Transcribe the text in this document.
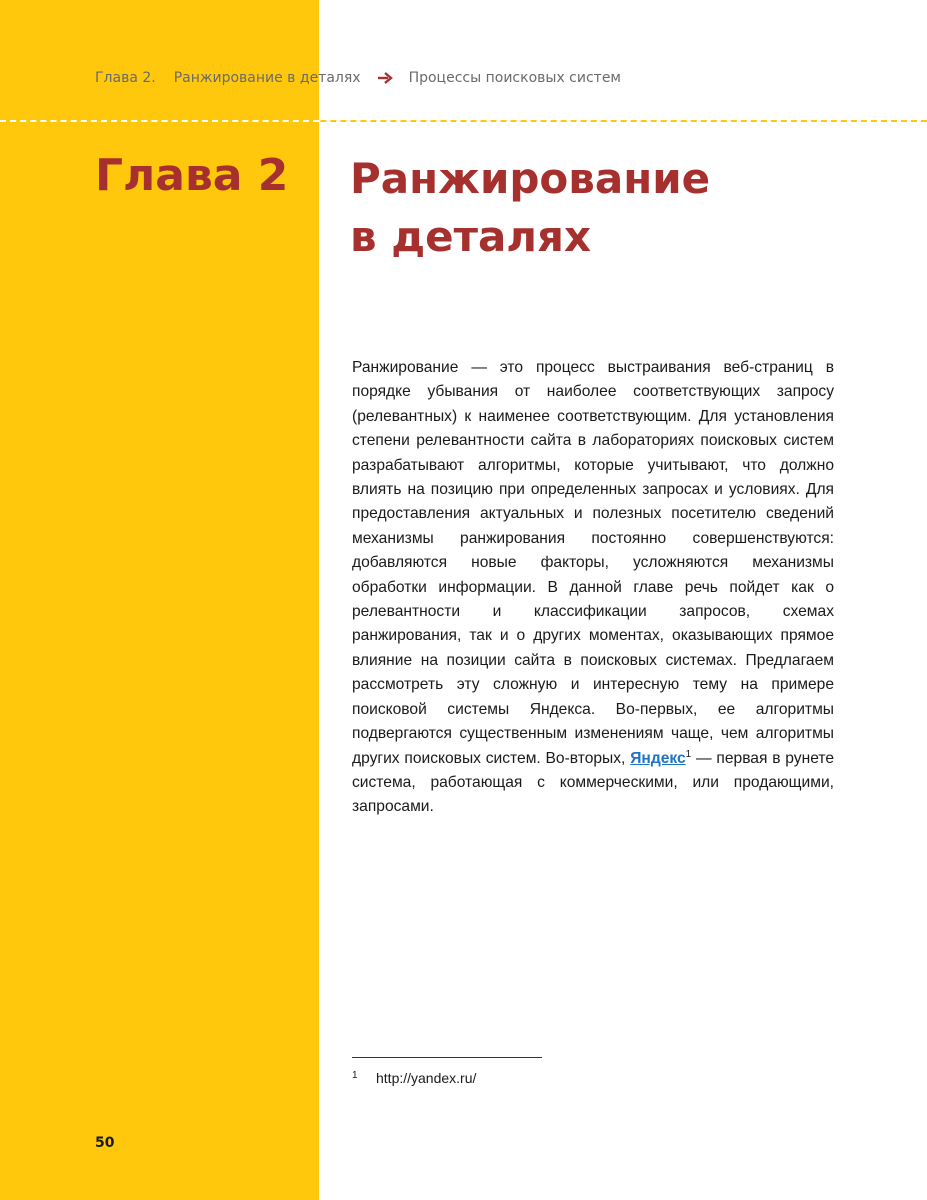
Глава 2. Ранжирование в деталях	Процессы поисковых систем
Глава 2 Ранжирование
в деталях

Ранжирование — это процесс выстраивания веб-страниц в порядке убывания от наиболее соответствующих запросу (релевантных) к наименее соответствующим. Для установления степени релевантности сайта в лабораториях поисковых систем разрабатывают алгоритмы, которые учитывают, что должно влиять на позицию при определенных запросах и условиях. Для предоставления актуальных и полезных посетителю сведений механизмы ранжирования постоянно совершенствуются: добавляются новые факторы, усложняются механизмы обработки информации. В данной главе речь пойдет как о релевантности и классификации запросов, схемах ранжирования, так и о других моментах, оказывающих прямое влияние на позиции сайта в поисковых системах. Предлагаем рассмотреть эту сложную и интересную тему на примере поисковой системы Яндекса. Во-первых, ее алгоритмы подвергаются существенным изменениям чаще, чем алгоритмы других поисковых систем. Во-вторых, Яндекс$^1$ — первая в рунете система, работающая с коммерческими, или продающими, запросами.

1 http://yandex.ru/
50
